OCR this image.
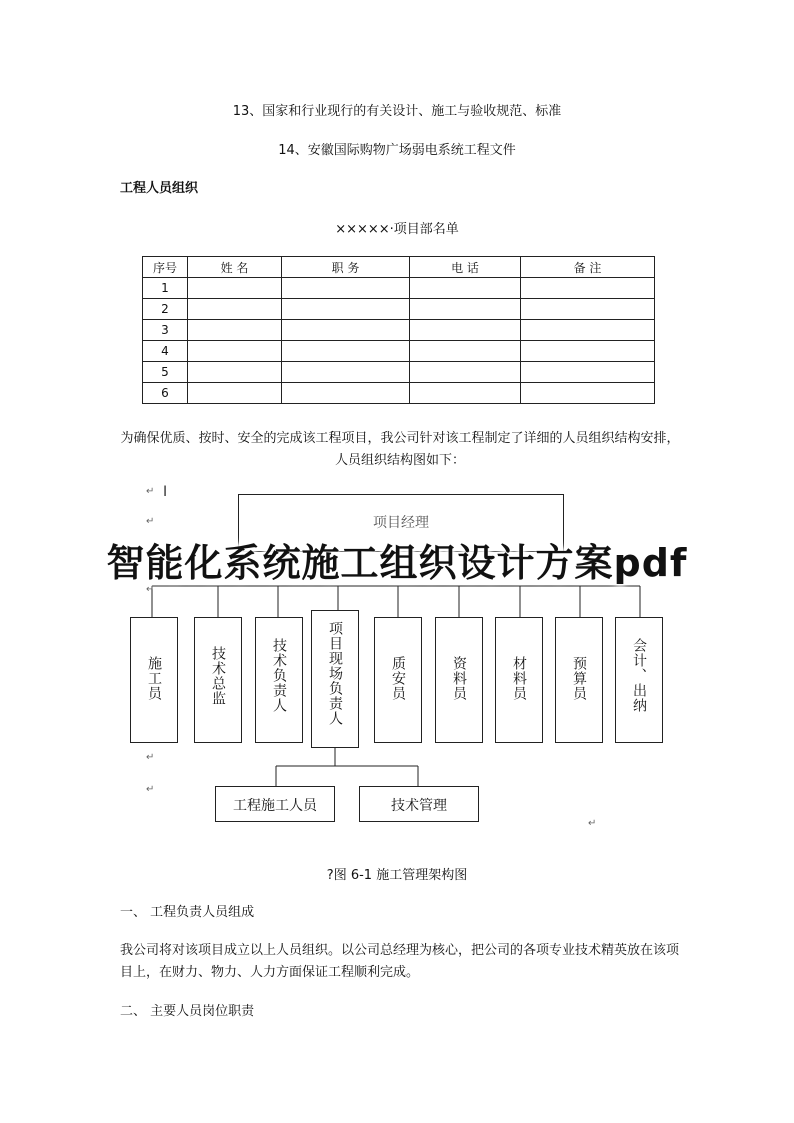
13、国家和行业现行的有关设计、施工与验收规范、标准
14、安徽国际购物广场弱电系统工程文件
工程人员组织
×××××·项目部名单
序号	姓 名	职 务	电 话	备 注
1				
2				
3				
4				
5				
6				
为确保优质、按时、安全的完成该工程项目，我公司针对该工程制定了详细的人员组织结构安排，人员组织结构图如下：
项目经理
智能化系统施工组织设计方案pdf
施工员	技术总监	技术负责人	项目现场负责人	质安员	资料员	材料员	预算员	会计、出纳
工程施工人员	技术管理
↵
↵
↵
↵
↵
↵
I
?图 6-1 施工管理架构图
一、 工程负责人员组成
我公司将对该项目成立以上人员组织。以公司总经理为核心，把公司的各项专业技术精英放在该项目上，在财力、物力、人力方面保证工程顺利完成。
二、 主要人员岗位职责
